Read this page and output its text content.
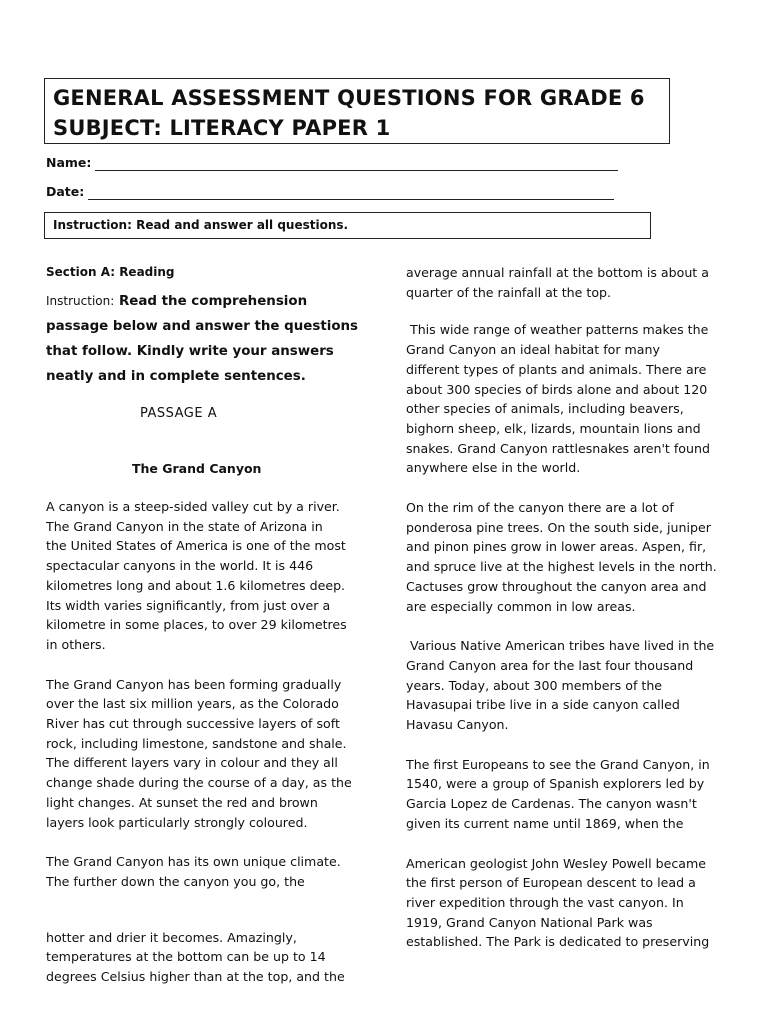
GENERAL ASSESSMENT QUESTIONS FOR GRADE 6
SUBJECT: LITERACY PAPER 1
Name:
Date:
Instruction: Read and answer all questions.

Section A: Reading

Instruction: Read the comprehension
passage below and answer the questions
that follow. Kindly write your answers
neatly and in complete sentences.
PASSAGE A
The Grand Canyon

A canyon is a steep-sided valley cut by a river.
The Grand Canyon in the state of Arizona in
the United States of America is one of the most
spectacular canyons in the world. It is 446
kilometres long and about 1.6 kilometres deep.
Its width varies significantly, from just over a
kilometre in some places, to over 29 kilometres
in others.

The Grand Canyon has been forming gradually
over the last six million years, as the Colorado
River has cut through successive layers of soft
rock, including limestone, sandstone and shale.
The different layers vary in colour and they all
change shade during the course of a day, as the
light changes. At sunset the red and brown
layers look particularly strongly coloured.

The Grand Canyon has its own unique climate.
The further down the canyon you go, the

hotter and drier it becomes. Amazingly,
temperatures at the bottom can be up to 14
degrees Celsius higher than at the top, and the

average annual rainfall at the bottom is about a
quarter of the rainfall at the top.

This wide range of weather patterns makes the
Grand Canyon an ideal habitat for many
different types of plants and animals. There are
about 300 species of birds alone and about 120
other species of animals, including beavers,
bighorn sheep, elk, lizards, mountain lions and
snakes. Grand Canyon rattlesnakes aren't found
anywhere else in the world.

On the rim of the canyon there are a lot of
ponderosa pine trees. On the south side, juniper
and pinon pines grow in lower areas. Aspen, fir,
and spruce live at the highest levels in the north.
Cactuses grow throughout the canyon area and
are especially common in low areas.

Various Native American tribes have lived in the
Grand Canyon area for the last four thousand
years. Today, about 300 members of the
Havasupai tribe live in a side canyon called
Havasu Canyon.

The first Europeans to see the Grand Canyon, in
1540, were a group of Spanish explorers led by
Garcia Lopez de Cardenas. The canyon wasn't
given its current name until 1869, when the

American geologist John Wesley Powell became
the first person of European descent to lead a
river expedition through the vast canyon. In
1919, Grand Canyon National Park was
established. The Park is dedicated to preserving
